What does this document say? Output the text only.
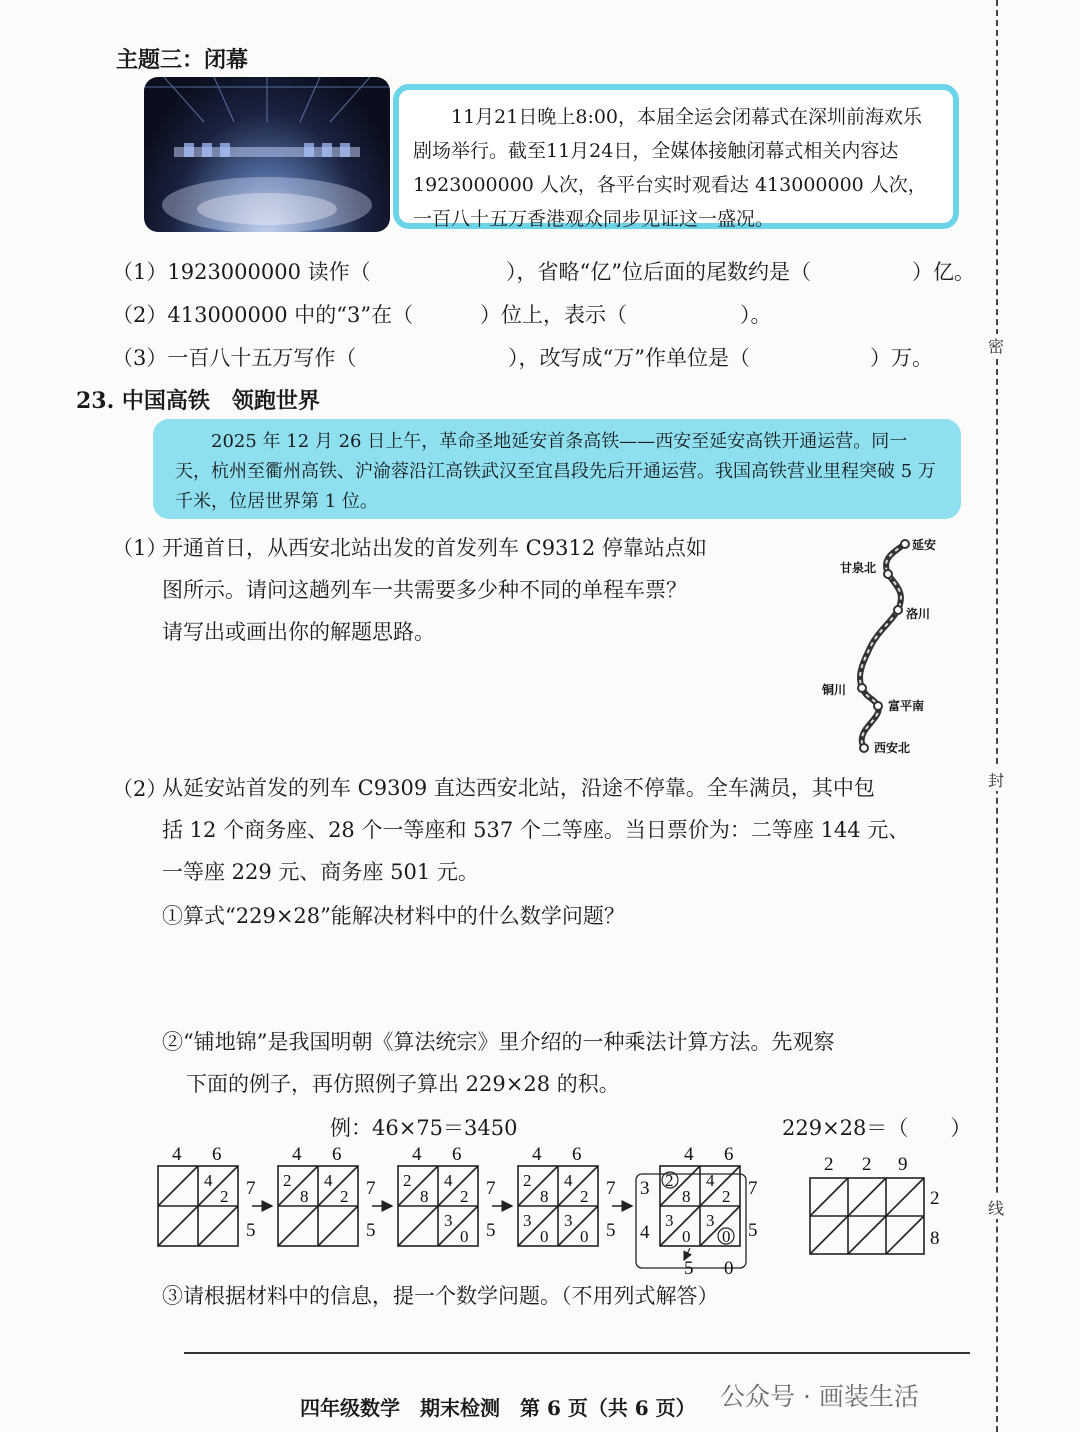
密
封
线
主题三：闭幕
11月21日晚上8:00，本届全运会闭幕式在深圳前海欢乐剧场举行。截至11月24日，全媒体接触闭幕式相关内容达 1923000000 人次，各平台实时观看达 413000000 人次，一百八十五万香港观众同步见证这一盛况。
（1）1923000000 读作（	），省略“亿”位后面的尾数约是（	）亿。
（2）413000000 中的“3”在（	）位上，表示（	）。
（3）一百八十五万写作（	），改写成“万”作单位是（	）万。
23. 中国高铁　领跑世界
2025 年 12 月 26 日上午，革命圣地延安首条高铁——西安至延安高铁开通运营。同一天，杭州至衢州高铁、沪渝蓉沿江高铁武汉至宜昌段先后开通运营。我国高铁营业里程突破 5 万千米，位居世界第 1 位。
（1）
开通首日，从西安北站出发的首发列车 C9312 停靠站点如
图所示。请问这趟列车一共需要多少种不同的单程车票？
请写出或画出你的解题思路。
延安
甘泉北
洛川
铜川
富平南
西安北
（2）
从延安站首发的列车 C9309 直达西安北站，沿途不停靠。全车满员，其中包
括 12 个商务座、28 个一等座和 537 个二等座。当日票价为：二等座 144 元、
一等座 229 元、商务座 501 元。
①算式“229×28”能解决材料中的什么数学问题？
②“铺地锦”是我国明朝《算法统宗》里介绍的一种乘法计算方法。先观察
下面的例子，再仿照例子算出 229×28 的积。
例：46×75＝3450	229×28＝（　　）
4 6
4
2 7
5
4 6
2
8
4
2 7
5
4 6
2
8
4
2
3
0
7
5
4 6
2
8
4
2
3
0
3
0
7
5
4 6
2
8
4
2
3
0
3
0
3
4
5 0
7
5
2 2 9
2
8
③请根据材料中的信息，提一个数学问题。（不用列式解答）
四年级数学　期末检测　第 6 页（共 6 页） 公众号 · 画装生活
